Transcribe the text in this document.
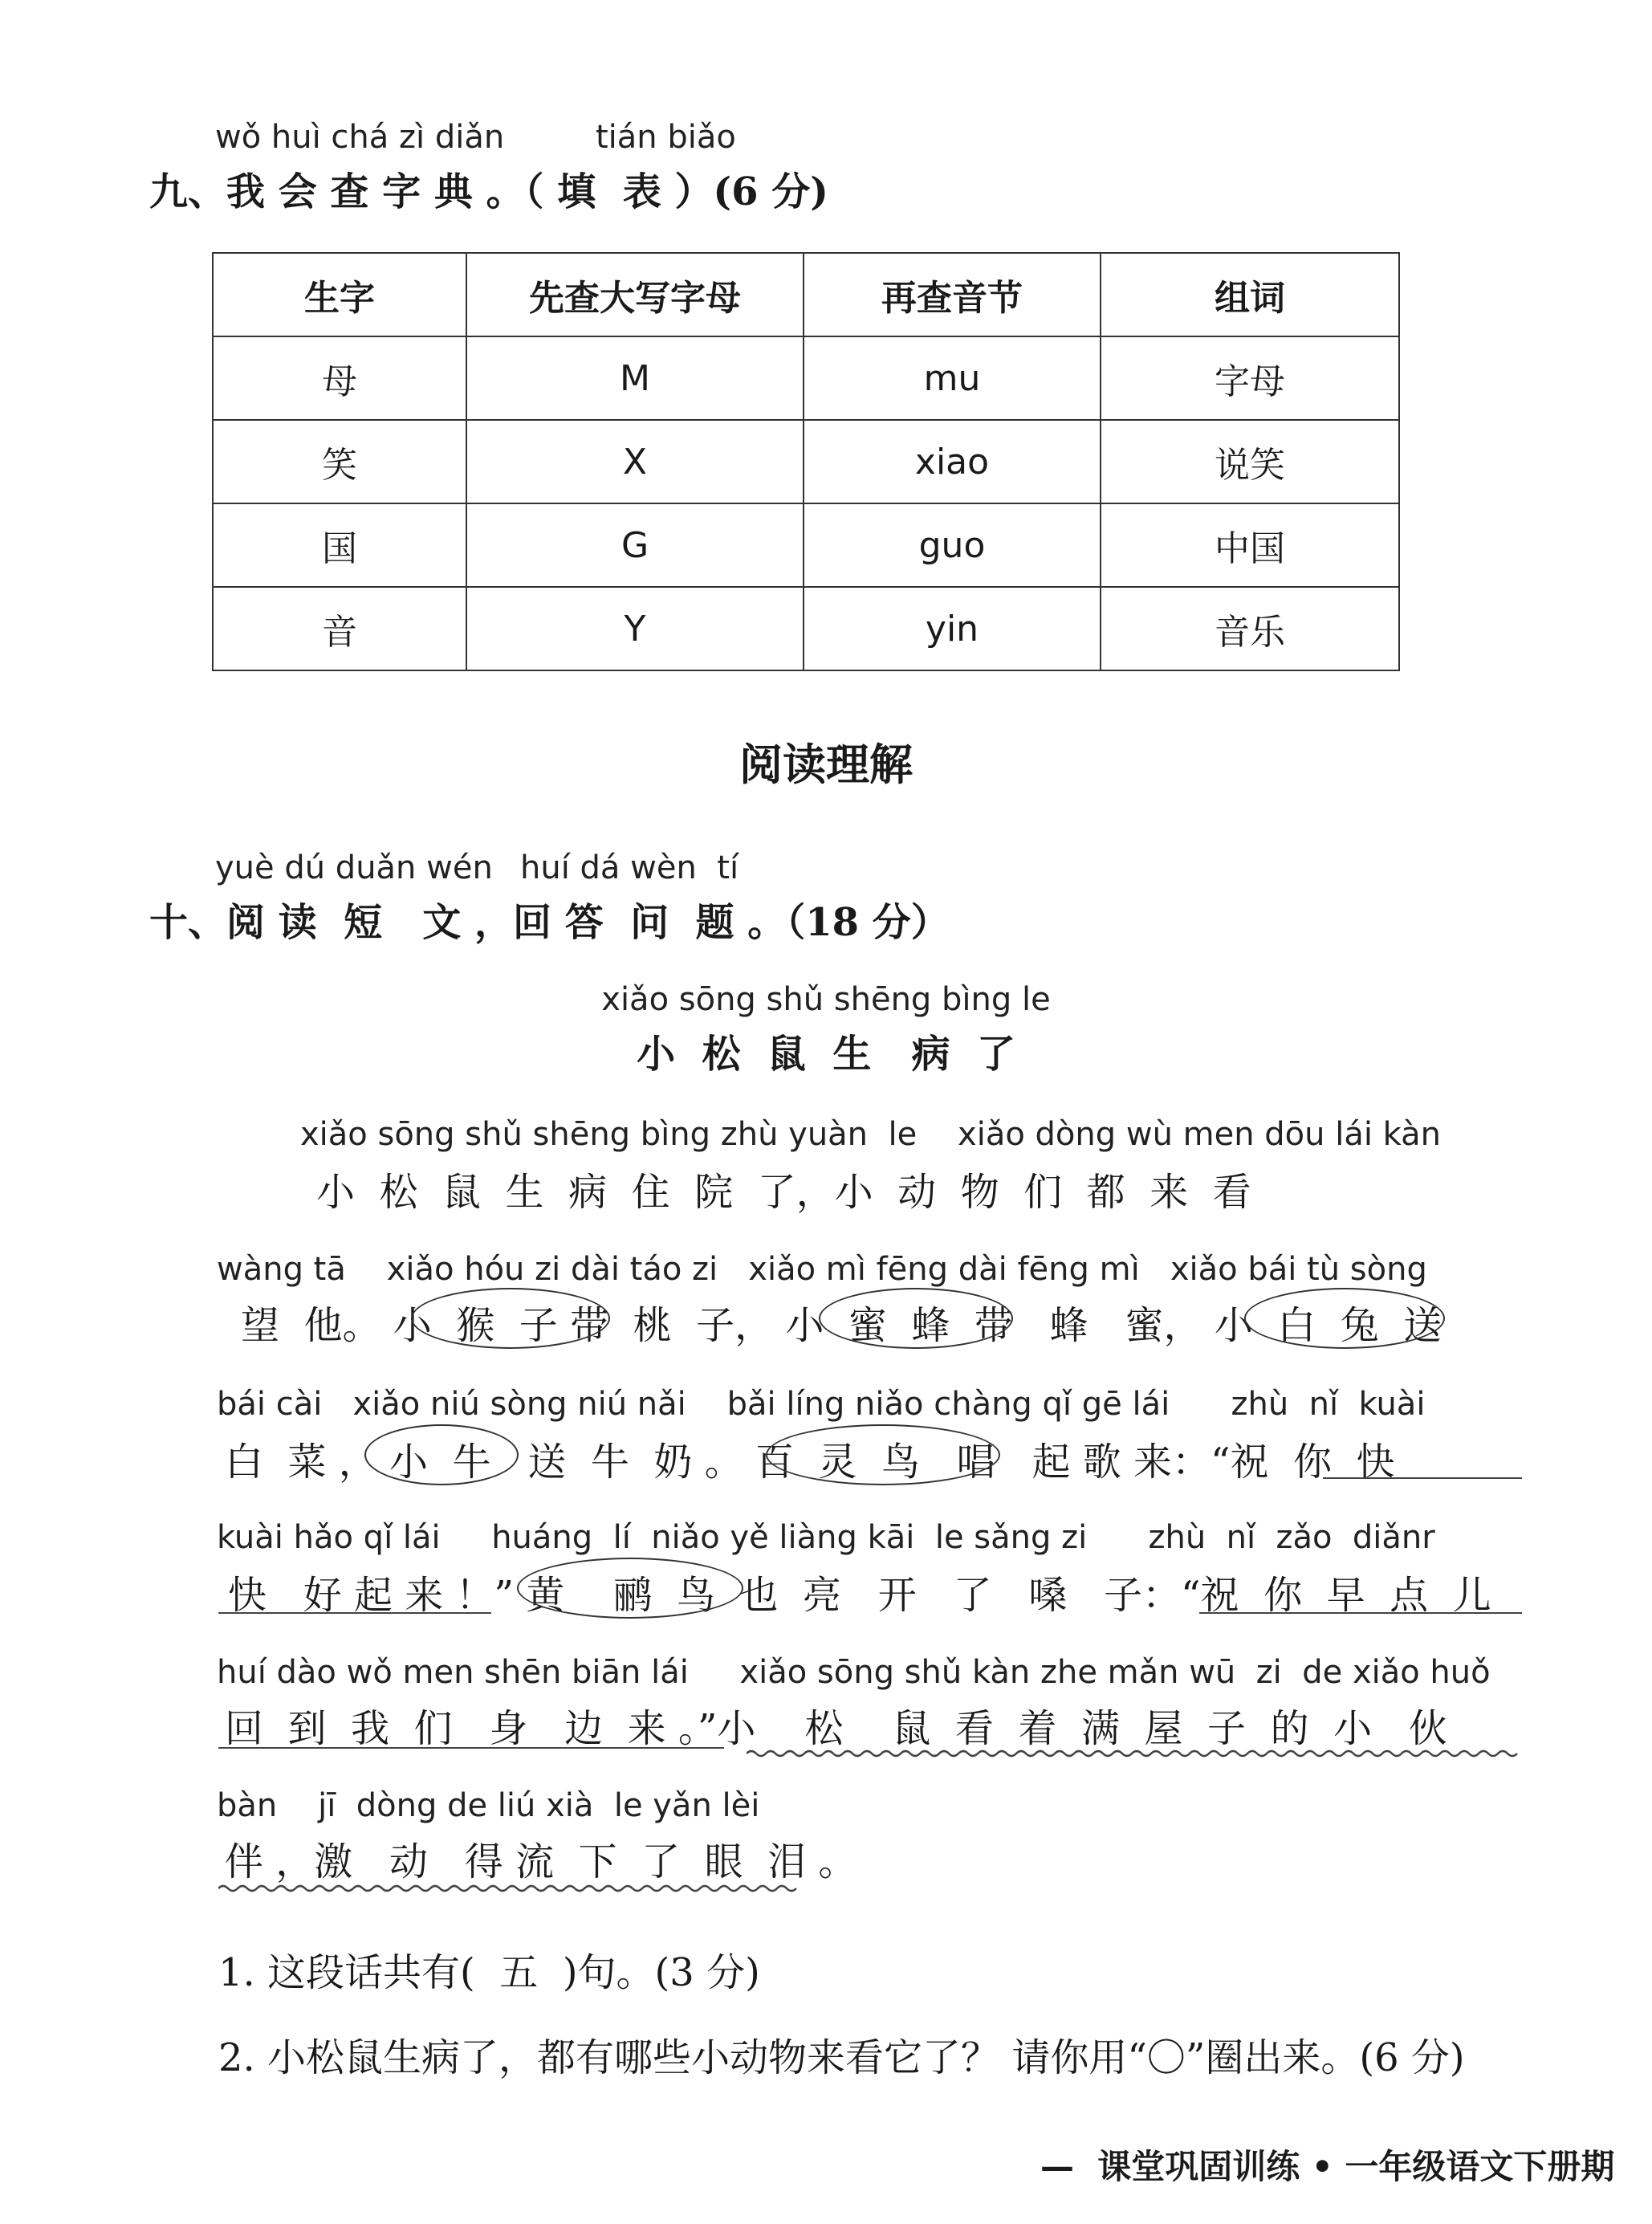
wǒ huì chá zì diǎn	tián biǎo
九、我 会 查 字 典 。（ 填  表 ）(6 分)
生字	先查大写字母	再查音节	组词
母	M	mu	字母
笑	X	xiao	说笑
国	G	guo	中国
音	Y	yin	音乐
阅读理解
yuè dú duǎn wén huí dá wèn  tí
十、阅 读  短   文 ，回 答  问  题 。（18 分）
xiǎo sōng shǔ shēng bìng le
小  松  鼠  生   病  了
xiǎo sōng shǔ shēng bìng zhù yuàn  le    xiǎo dòng wù men dōu lái kàn
小  松  鼠  生  病  住  院  了，小  动  物  们  都  来  看
wàng tā    xiǎo hóu zi dài táo zi   xiǎo mì fēng dài fēng mì   xiǎo bái tù sòng
望  他。 小  猴  子 带  桃  子， 小  蜜  蜂  带   蜂   蜜， 小  白  兔  送
bái cài   xiǎo niú sòng niú nǎi    bǎi líng niǎo chàng qǐ gē lái      zhù  nǐ  kuài
白  菜 ， 小  牛   送  牛  奶 。 百  灵  鸟   唱   起 歌 来：“祝  你  快
kuài hǎo qǐ lái     huáng  lí  niǎo yě liàng kāi  le sǎng zi      zhù  nǐ  zǎo  diǎnr
快   好 起 来 ！” 黄    鹂  鸟  也  亮   开   了   嗓   子：“祝  你  早  点  儿
huí dào wǒ men shēn biān lái     xiǎo sōng shǔ kàn zhe mǎn wū  zi  de xiǎo huǒ
回  到  我  们   身   边  来 。”小    松    鼠  看  着  满  屋  子  的  小   伙
bàn    jī  dòng de liú xià  le yǎn lèi
伴 ，激   动   得 流  下  了  眼  泪 。
1. 这段话共有(  五  )句。(3 分)
2. 小松鼠生病了，都有哪些小动物来看它了？ 请你用“〇”圈出来。(6 分)
—  课堂巩固训练 • 一年级语文下册期
